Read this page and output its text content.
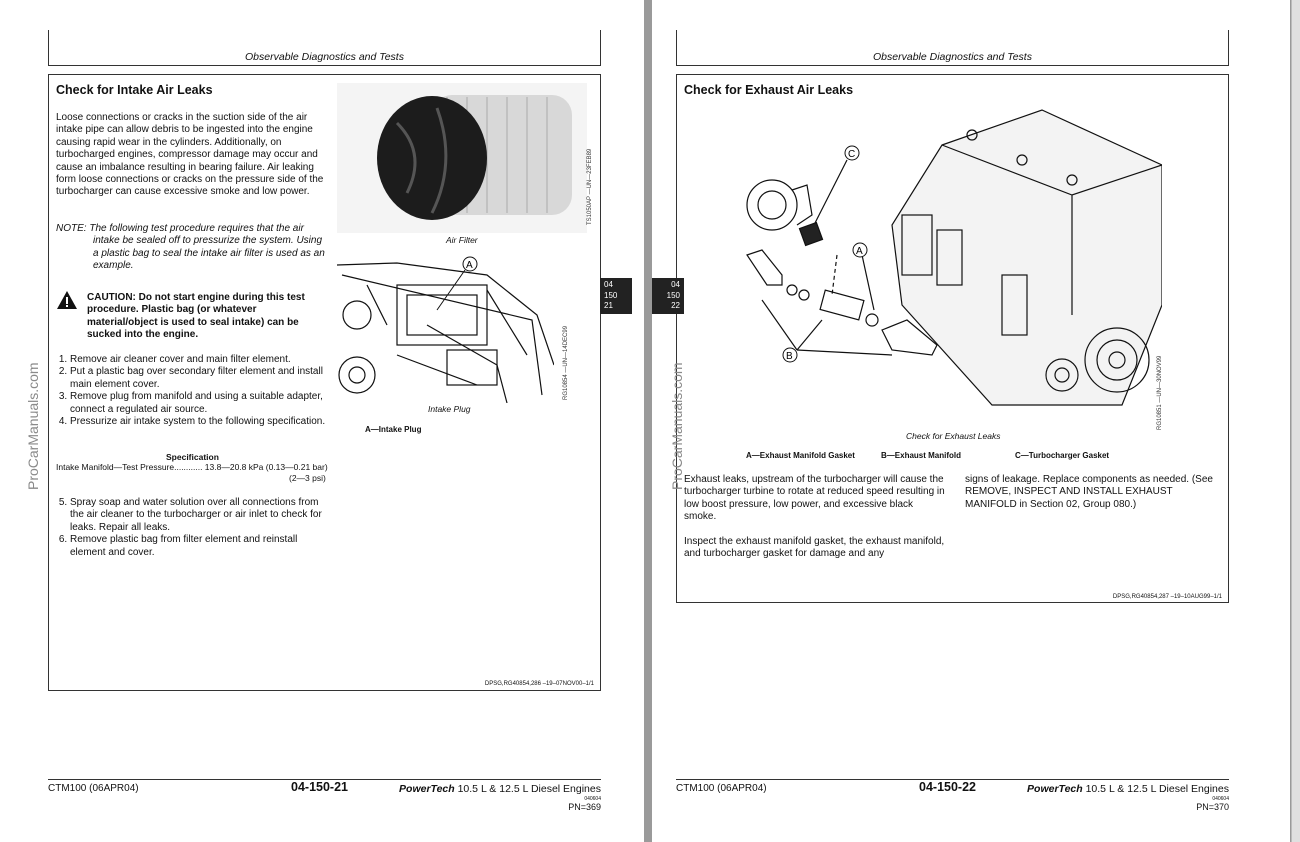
Observable Diagnostics and Tests
Check for Intake Air Leaks
Loose connections or cracks in the suction side of the air intake pipe can allow debris to be ingested into the engine causing rapid wear in the cylinders. Additionally, on turbocharged engines, compressor damage may occur and cause an imbalance resulting in bearing failure. Air leaking form loose connections or cracks on the pressure side of the turbocharger can cause excessive smoke and low power.
NOTE: The following test procedure requires that the air intake be sealed off to pressurize the system. Using a plastic bag to seal the intake air filter is used as an example.
CAUTION: Do not start engine during this test procedure. Plastic bag (or whatever material/object is used to seal intake) can be sucked into the engine.
1. Remove air cleaner cover and main filter element.
2. Put a plastic bag over secondary filter element and install main element cover.
3. Remove plug from manifold and using a suitable adapter, connect a regulated air source.
4. Pressurize air intake system to the following specification.
Specification
Intake Manifold—Test Pressure............ 13.8—20.8 kPa (0.13—0.21 bar)
(2—3 psi)
5. Spray soap and water solution over all connections from the air cleaner to the turbocharger or air inlet to check for leaks. Repair all leaks.
6. Remove plastic bag from filter element and reinstall element and cover.
Air Filter
TS1050AP —UN—23FEB89
A
Intake Plug
RG10854 —UN—14DEC99
A—Intake Plug
DPSG,RG40854,286 –19–07NOV00–1/1
04
150
21
ProCarManuals.com
CTM100 (06APR04)	04-150-21	PowerTech 10.5 L & 12.5 L Diesel Engines
040604
PN=369
Observable Diagnostics and Tests
Check for Exhaust Air Leaks
C
A
B
Check for Exhaust Leaks
RG10851 —UN—30NOV99
A—Exhaust Manifold Gasket	B—Exhaust Manifold	C—Turbocharger Gasket
Exhaust leaks, upstream of the turbocharger will cause the turbocharger turbine to rotate at reduced speed resulting in low boost pressure, low power, and excessive black smoke.
Inspect the exhaust manifold gasket, the exhaust manifold, and turbocharger gasket for damage and any
signs of leakage. Replace components as needed. (See REMOVE, INSPECT AND INSTALL EXHAUST MANIFOLD in Section 02, Group 080.)
DPSG,RG40854,287 –19–10AUG99–1/1
04
150
22
ProCarManuals.com
CTM100 (06APR04)	04-150-22	PowerTech 10.5 L & 12.5 L Diesel Engines
040604
PN=370
